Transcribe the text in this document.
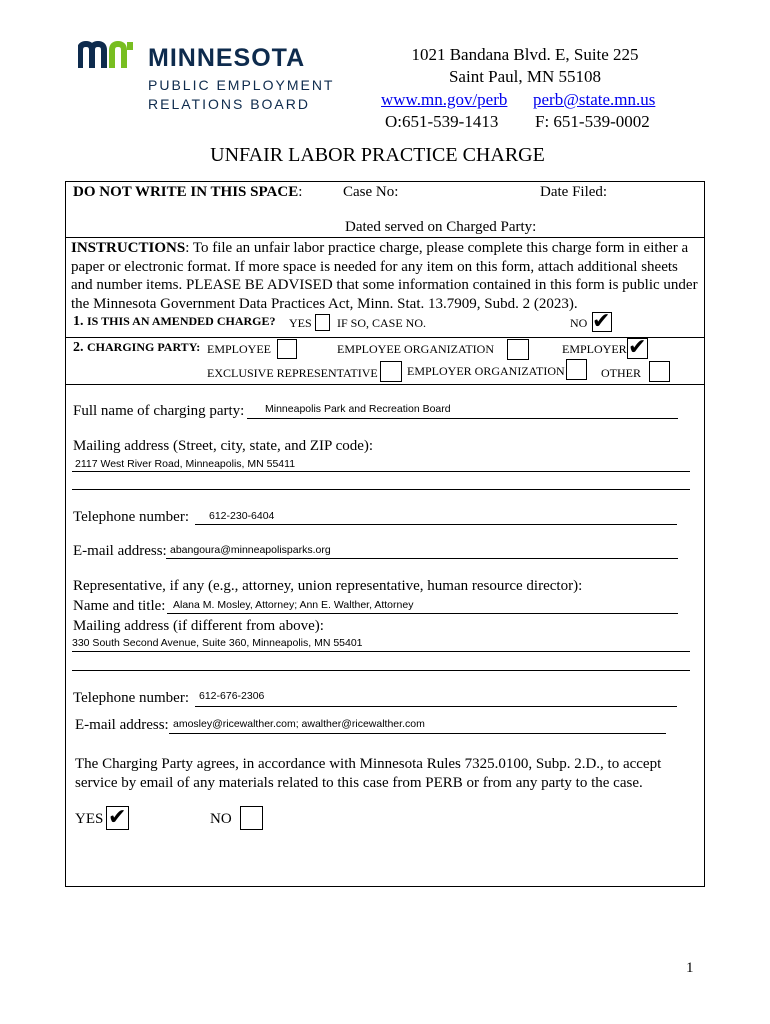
MINNESOTA
PUBLIC EMPLOYMENT
RELATIONS BOARD
1021 Bandana Blvd. E, Suite 225
Saint Paul, MN 55108
www.mn.gov/perb perb@state.mn.us
O:651-539-1413 F: 651-539-0002
UNFAIR LABOR PRACTICE CHARGE
DO NOT WRITE IN THIS SPACE:	Case No:	Date Filed:
Dated served on Charged Party:
INSTRUCTIONS: To file an unfair labor practice charge, please complete this charge form in either a paper or electronic format. If more space is needed for any item on this form, attach additional sheets and number items. PLEASE BE ADVISED that some information contained in this form is public under the Minnesota Government Data Practices Act, Minn. Stat. 13.7909, Subd. 2 (2023).
1. IS THIS AN AMENDED CHARGE? YES IF SO, CASE NO.	NO ✔
2. CHARGING PARTY: EMPLOYEE	EMPLOYEE ORGANIZATION	EMPLOYER ✔
EXCLUSIVE REPRESENTATIVE EMPLOYER ORGANIZATION	OTHER
Full name of charging party: Minneapolis Park and Recreation Board
Mailing address (Street, city, state, and ZIP code):
2117 West River Road, Minneapolis, MN 55411
Telephone number: 612-230-6404
E-mail address: abangoura@minneapolisparks.org
Representative, if any (e.g., attorney, union representative, human resource director):
Name and title: Alana M. Mosley, Attorney; Ann E. Walther, Attorney
Mailing address (if different from above):
330 South Second Avenue, Suite 360, Minneapolis, MN 55401
Telephone number: 612-676-2306
E-mail address: amosley@ricewalther.com; awalther@ricewalther.com
The Charging Party agrees, in accordance with Minnesota Rules 7325.0100, Subp. 2.D., to accept service by email of any materials related to this case from PERB or from any party to the case.
YES ✔	NO
1
